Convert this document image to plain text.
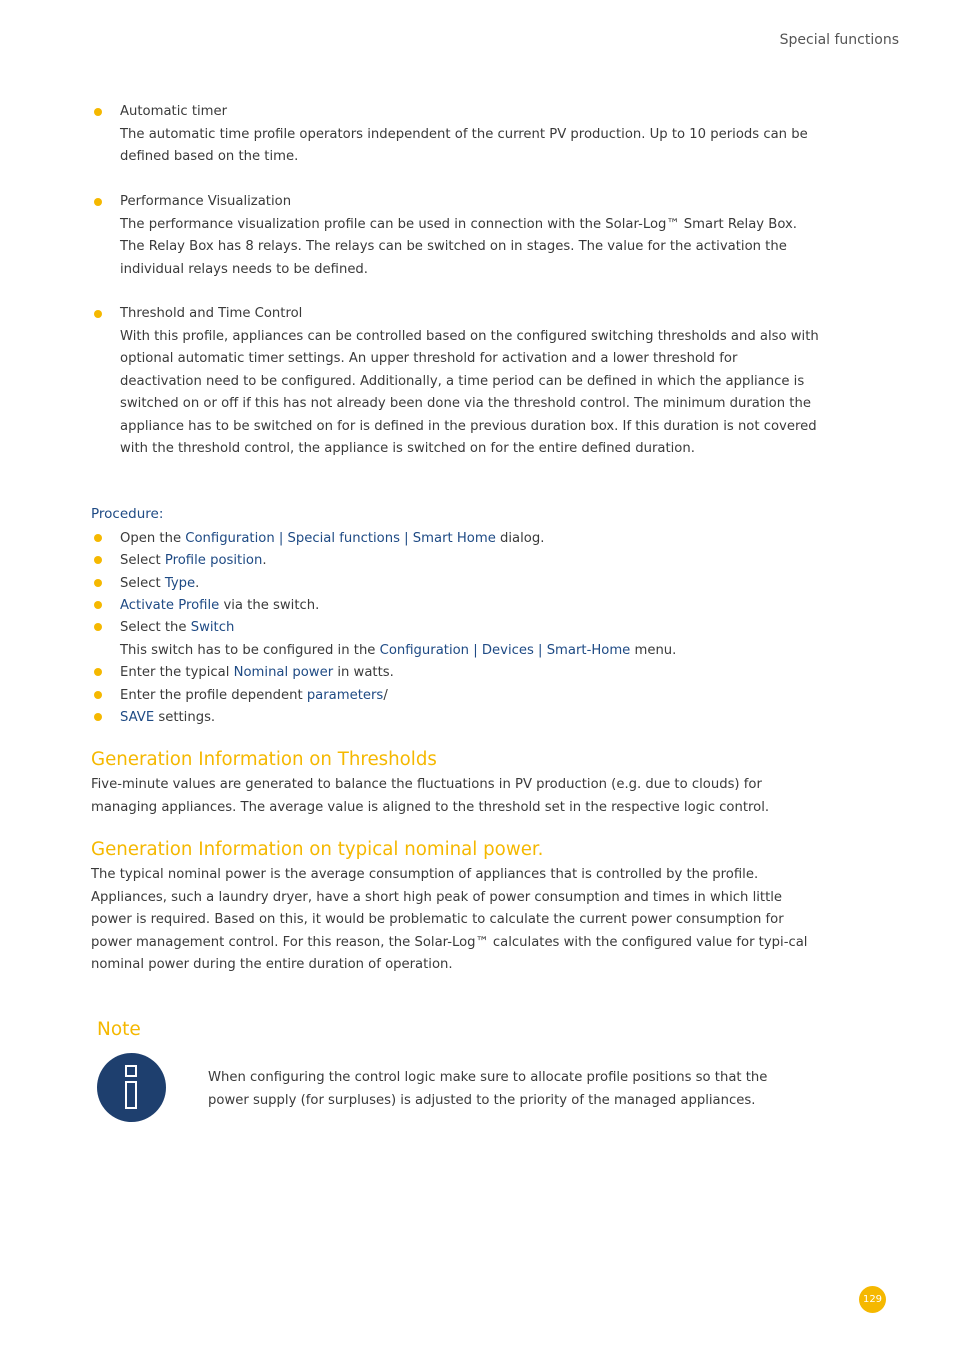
Special functions
Automatic timer
The automatic time profile operators independent of the current PV production. Up to 10 periods can be defined based on the time.
Performance Visualization
The performance visualization profile can be used in connection with the Solar-Log™ Smart Relay Box. The Relay Box has 8 relays. The relays can be switched on in stages. The value for the activation the individual relays needs to be defined.
Threshold and Time Control
With this profile, appliances can be controlled based on the configured switching thresholds and also with optional automatic timer settings. An upper threshold for activation and a lower threshold for deactivation need to be configured. Additionally, a time period can be defined in which the appliance is switched on or off if this has not already been done via the threshold control. The minimum duration the appliance has to be switched on for is defined in the previous duration box. If this duration is not covered with the threshold control, the appliance is switched on for the entire defined duration.
Procedure:
Open the Configuration | Special functions | Smart Home dialog.
Select Profile position.
Select Type.
Activate Profile via the switch.
Select the Switch
This switch has to be configured in the Configuration | Devices | Smart-Home menu.
Enter the typical Nominal power in watts.
Enter the profile dependent parameters/
SAVE settings.
Generation Information on Thresholds
Five-minute values are generated to balance the fluctuations in PV production (e.g. due to clouds) for managing appliances. The average value is aligned to the threshold set in the respective logic control.
Generation Information on typical nominal power.
The typical nominal power is the average consumption of appliances that is controlled by the profile. Appliances, such a laundry dryer, have a short high peak of power consumption and times in which little power is required. Based on this, it would be problematic to calculate the current power consumption for power management control. For this reason, the Solar-Log™ calculates with the configured value for typi-cal nominal power during the entire duration of operation.
Note
When configuring the control logic make sure to allocate profile positions so that the power supply (for surpluses) is adjusted to the priority of the managed appliances.
129
